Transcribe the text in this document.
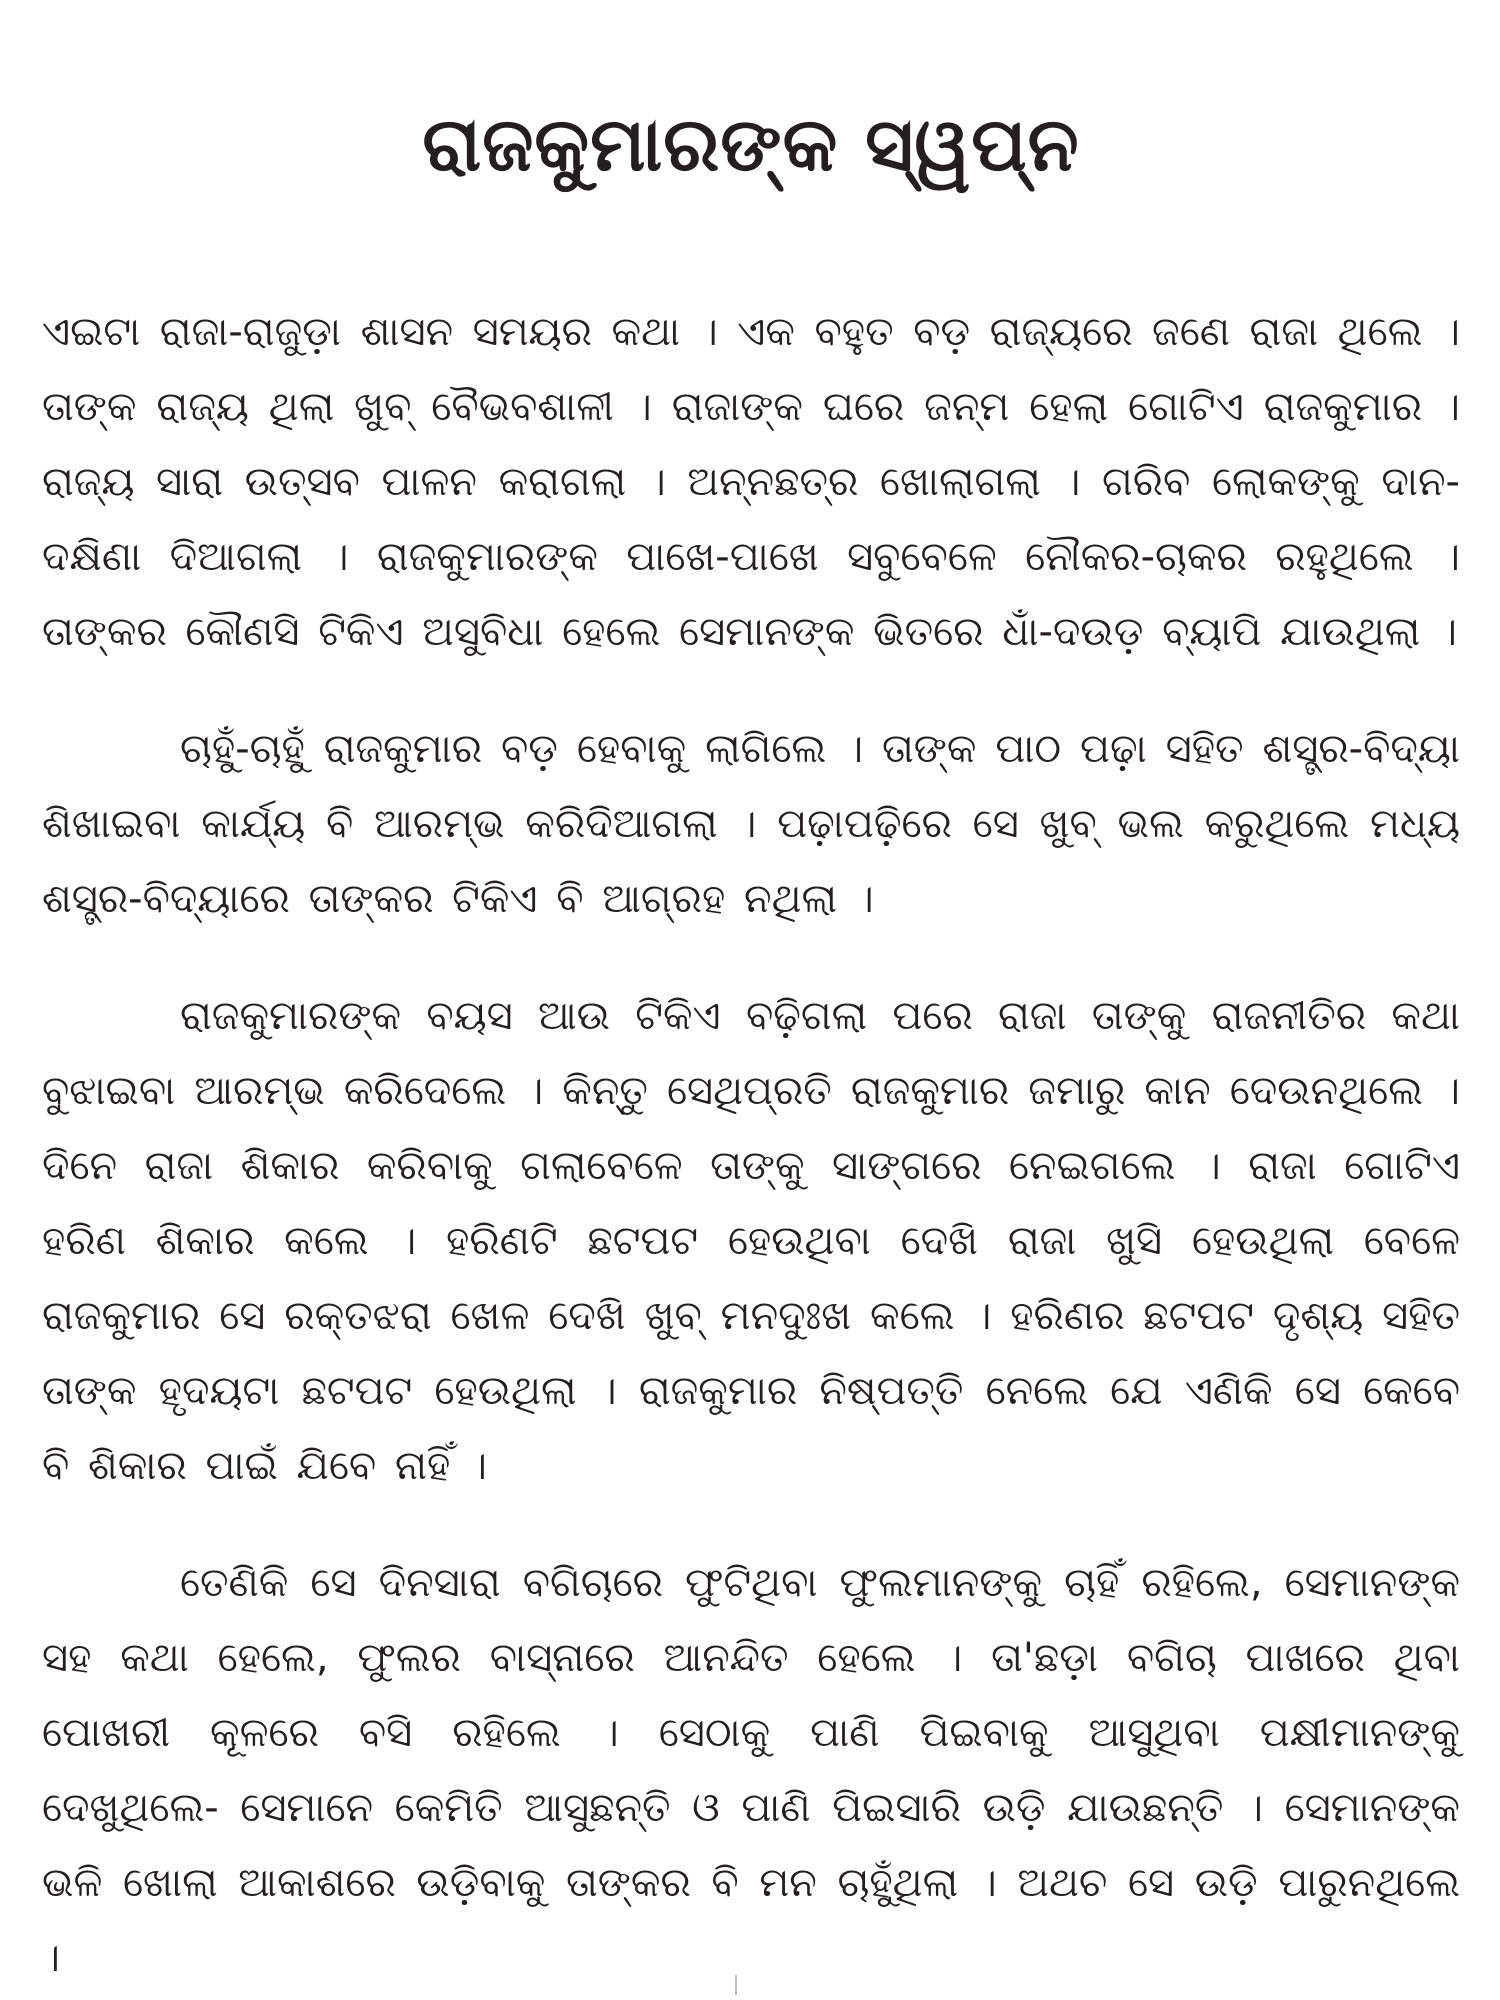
ରାଜକୁମାରଙ୍କ ସ୍ୱପ୍ନ

ଏଇଟା ରାଜା-ରାଜୁଡ଼ା ଶାସନ ସମୟର କଥା । ଏକ ବହୁତ ବଡ଼ ରାଜ୍ୟରେ ଜଣେ ରାଜା ଥିଲେ । ତାଙ୍କ ରାଜ୍ୟ ଥିଲା ଖୁବ୍ ବୈଭବଶାଳୀ । ରାଜାଙ୍କ ଘରେ ଜନ୍ମ ହେଲା ଗୋଟିଏ ରାଜକୁମାର । ରାଜ୍ୟ ସାରା ଉତ୍ସବ ପାଳନ କରାଗଲା । ଅନ୍ନଛତ୍ର ଖୋଲାଗଲା । ଗରିବ ଲୋକଙ୍କୁ ଦାନ-ଦକ୍ଷିଣା ଦିଆଗଲା । ରାଜକୁମାରଙ୍କ ପାଖେ-ପାଖେ ସବୁବେଳେ ନୌକର-ଚାକର ରହୁଥିଲେ । ତାଙ୍କର କୌଣସି ଟିକିଏ ଅସୁବିଧା ହେଲେ ସେମାନଙ୍କ ଭିତରେ ଧାଁ-ଦଉଡ଼ ବ୍ୟାପି ଯାଉଥିଲା ।

ଚାହୁଁ-ଚାହୁଁ ରାଜକୁମାର ବଡ଼ ହେବାକୁ ଲାଗିଲେ । ତାଙ୍କ ପାଠ ପଢ଼ା ସହିତ ଶସ୍ତ୍ର-ବିଦ୍ୟା ଶିଖାଇବା କାର୍ଯ୍ୟ ବି ଆରମ୍ଭ କରିଦିଆଗଲା । ପଢ଼ାପଢ଼ିରେ ସେ ଖୁବ୍ ଭଲ କରୁଥିଲେ ମଧ୍ୟ ଶସ୍ତ୍ର-ବିଦ୍ୟାରେ ତାଙ୍କର ଟିକିଏ ବି ଆଗ୍ରହ ନଥିଲା ।

ରାଜକୁମାରଙ୍କ ବୟସ ଆଉ ଟିକିଏ ବଢ଼ିଗଲା ପରେ ରାଜା ତାଙ୍କୁ ରାଜନୀତିର କଥା ବୁଝାଇବା ଆରମ୍ଭ କରିଦେଲେ । କିନ୍ତୁ ସେଥିପ୍ରତି ରାଜକୁମାର ଜମାରୁ କାନ ଦେଉନଥିଲେ । ଦିନେ ରାଜା ଶିକାର କରିବାକୁ ଗଲାବେଳେ ତାଙ୍କୁ ସାଙ୍ଗରେ ନେଇଗଲେ । ରାଜା ଗୋଟିଏ ହରିଣ ଶିକାର କଲେ । ହରିଣଟି ଛଟପଟ ହେଉଥିବା ଦେଖି ରାଜା ଖୁସି ହେଉଥିଲା ବେଳେ ରାଜକୁମାର ସେ ରକ୍ତଝରା ଖେଳ ଦେଖି ଖୁବ୍ ମନଦୁଃଖ କଲେ । ହରିଣର ଛଟପଟ ଦୃଶ୍ୟ ସହିତ ତାଙ୍କ ହୃଦୟଟା ଛଟପଟ ହେଉଥିଲା । ରାଜକୁମାର ନିଷ୍ପତ୍ତି ନେଲେ ଯେ ଏଣିକି ସେ କେବେ ବି ଶିକାର ପାଇଁ ଯିବେ ନାହିଁ ।

ତେଣିକି ସେ ଦିନସାରା ବଗିଚାରେ ଫୁଟିଥିବା ଫୁଲମାନଙ୍କୁ ଚାହିଁ ରହିଲେ, ସେମାନଙ୍କ ସହ କଥା ହେଲେ, ଫୁଲର ବାସ୍ନାରେ ଆନନ୍ଦିତ ହେଲେ । ତା'ଛଡ଼ା ବଗିଚା ପାଖରେ ଥିବା ପୋଖରୀ କୂଳରେ ବସି ରହିଲେ । ସେଠାକୁ ପାଣି ପିଇବାକୁ ଆସୁଥିବା ପକ୍ଷୀମାନଙ୍କୁ ଦେଖୁଥିଲେ- ସେମାନେ କେମିତି ଆସୁଛନ୍ତି ଓ ପାଣି ପିଇସାରି ଉଡ଼ି ଯାଉଛନ୍ତି । ସେମାନଙ୍କ ଭଳି ଖୋଲା ଆକାଶରେ ଉଡ଼ିବାକୁ ତାଙ୍କର ବି ମନ ଚାହୁଁଥିଲା । ଅଥଚ ସେ ଉଡ଼ି ପାରୁନଥିଲେ ।
